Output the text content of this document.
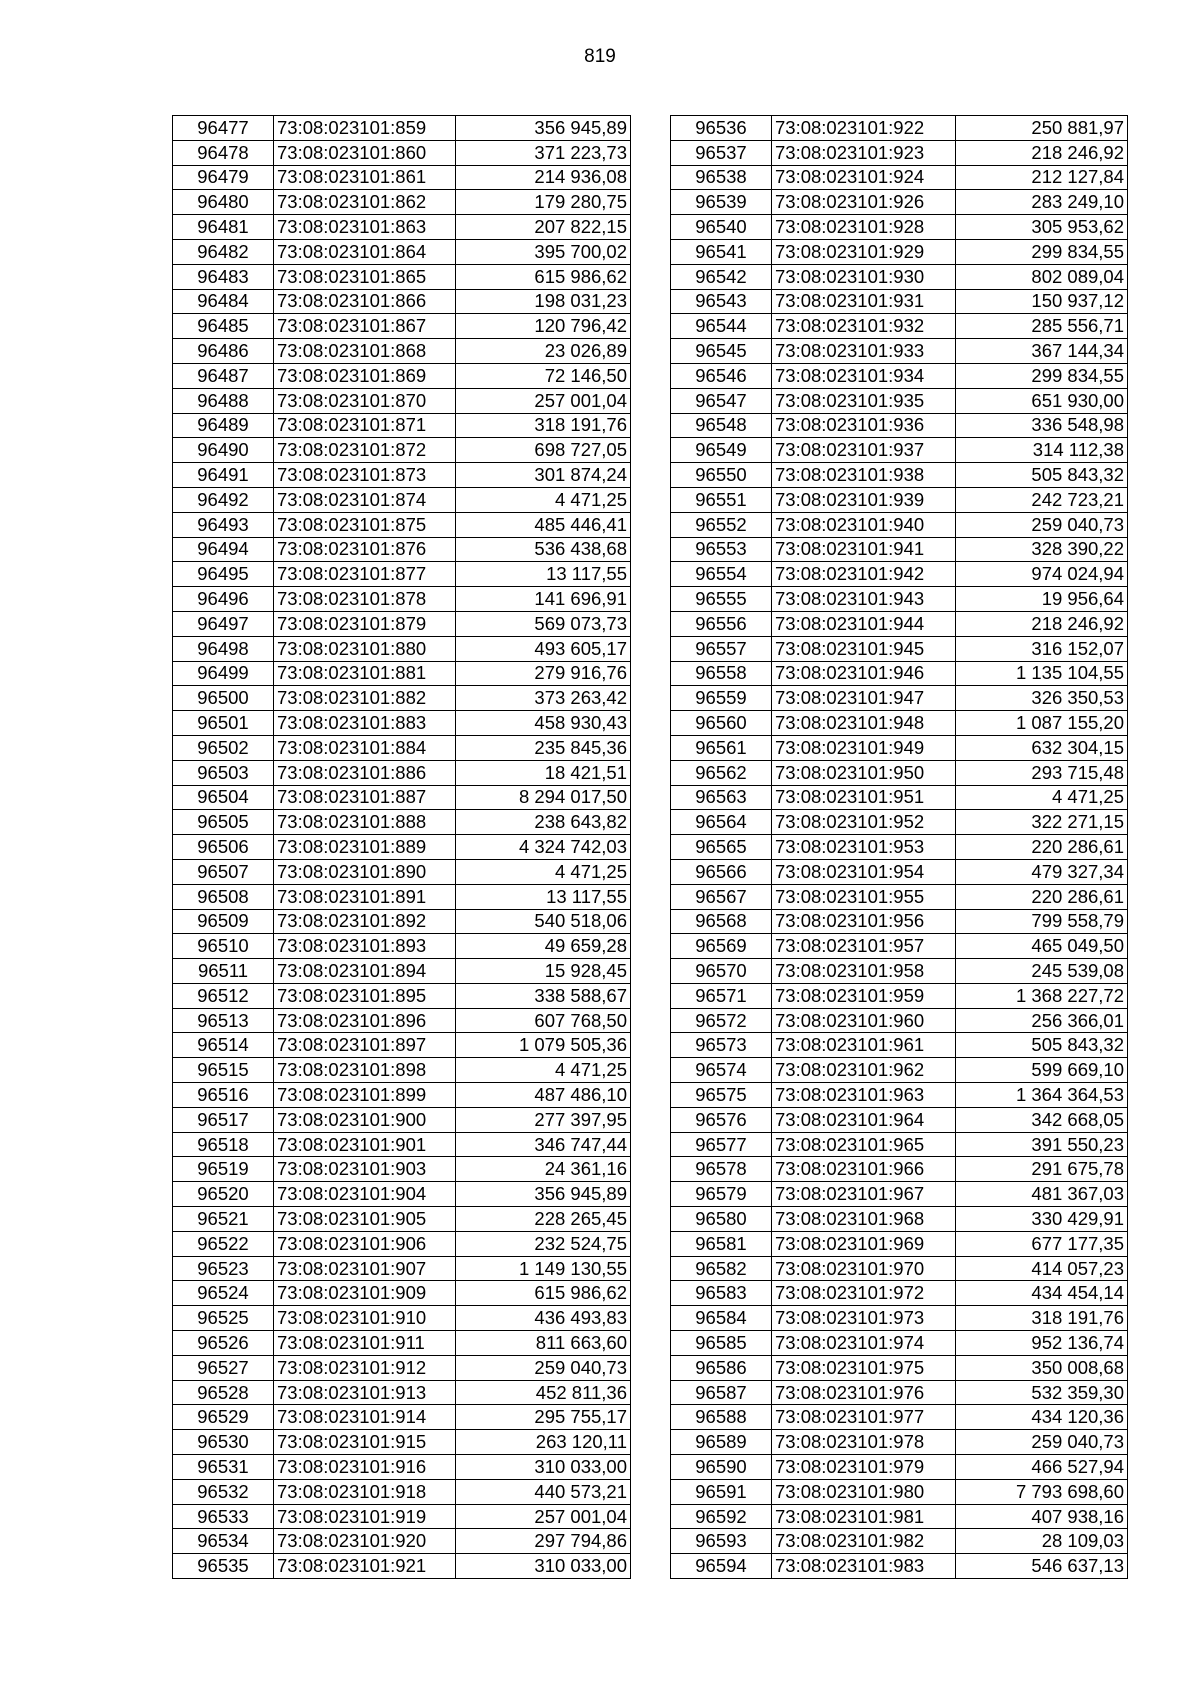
819
96477	73:08:023101:859	356 945,89
96478	73:08:023101:860	371 223,73
96479	73:08:023101:861	214 936,08
96480	73:08:023101:862	179 280,75
96481	73:08:023101:863	207 822,15
96482	73:08:023101:864	395 700,02
96483	73:08:023101:865	615 986,62
96484	73:08:023101:866	198 031,23
96485	73:08:023101:867	120 796,42
96486	73:08:023101:868	23 026,89
96487	73:08:023101:869	72 146,50
96488	73:08:023101:870	257 001,04
96489	73:08:023101:871	318 191,76
96490	73:08:023101:872	698 727,05
96491	73:08:023101:873	301 874,24
96492	73:08:023101:874	4 471,25
96493	73:08:023101:875	485 446,41
96494	73:08:023101:876	536 438,68
96495	73:08:023101:877	13 117,55
96496	73:08:023101:878	141 696,91
96497	73:08:023101:879	569 073,73
96498	73:08:023101:880	493 605,17
96499	73:08:023101:881	279 916,76
96500	73:08:023101:882	373 263,42
96501	73:08:023101:883	458 930,43
96502	73:08:023101:884	235 845,36
96503	73:08:023101:886	18 421,51
96504	73:08:023101:887	8 294 017,50
96505	73:08:023101:888	238 643,82
96506	73:08:023101:889	4 324 742,03
96507	73:08:023101:890	4 471,25
96508	73:08:023101:891	13 117,55
96509	73:08:023101:892	540 518,06
96510	73:08:023101:893	49 659,28
96511	73:08:023101:894	15 928,45
96512	73:08:023101:895	338 588,67
96513	73:08:023101:896	607 768,50
96514	73:08:023101:897	1 079 505,36
96515	73:08:023101:898	4 471,25
96516	73:08:023101:899	487 486,10
96517	73:08:023101:900	277 397,95
96518	73:08:023101:901	346 747,44
96519	73:08:023101:903	24 361,16
96520	73:08:023101:904	356 945,89
96521	73:08:023101:905	228 265,45
96522	73:08:023101:906	232 524,75
96523	73:08:023101:907	1 149 130,55
96524	73:08:023101:909	615 986,62
96525	73:08:023101:910	436 493,83
96526	73:08:023101:911	811 663,60
96527	73:08:023101:912	259 040,73
96528	73:08:023101:913	452 811,36
96529	73:08:023101:914	295 755,17
96530	73:08:023101:915	263 120,11
96531	73:08:023101:916	310 033,00
96532	73:08:023101:918	440 573,21
96533	73:08:023101:919	257 001,04
96534	73:08:023101:920	297 794,86
96535	73:08:023101:921	310 033,00
96536	73:08:023101:922	250 881,97
96537	73:08:023101:923	218 246,92
96538	73:08:023101:924	212 127,84
96539	73:08:023101:926	283 249,10
96540	73:08:023101:928	305 953,62
96541	73:08:023101:929	299 834,55
96542	73:08:023101:930	802 089,04
96543	73:08:023101:931	150 937,12
96544	73:08:023101:932	285 556,71
96545	73:08:023101:933	367 144,34
96546	73:08:023101:934	299 834,55
96547	73:08:023101:935	651 930,00
96548	73:08:023101:936	336 548,98
96549	73:08:023101:937	314 112,38
96550	73:08:023101:938	505 843,32
96551	73:08:023101:939	242 723,21
96552	73:08:023101:940	259 040,73
96553	73:08:023101:941	328 390,22
96554	73:08:023101:942	974 024,94
96555	73:08:023101:943	19 956,64
96556	73:08:023101:944	218 246,92
96557	73:08:023101:945	316 152,07
96558	73:08:023101:946	1 135 104,55
96559	73:08:023101:947	326 350,53
96560	73:08:023101:948	1 087 155,20
96561	73:08:023101:949	632 304,15
96562	73:08:023101:950	293 715,48
96563	73:08:023101:951	4 471,25
96564	73:08:023101:952	322 271,15
96565	73:08:023101:953	220 286,61
96566	73:08:023101:954	479 327,34
96567	73:08:023101:955	220 286,61
96568	73:08:023101:956	799 558,79
96569	73:08:023101:957	465 049,50
96570	73:08:023101:958	245 539,08
96571	73:08:023101:959	1 368 227,72
96572	73:08:023101:960	256 366,01
96573	73:08:023101:961	505 843,32
96574	73:08:023101:962	599 669,10
96575	73:08:023101:963	1 364 364,53
96576	73:08:023101:964	342 668,05
96577	73:08:023101:965	391 550,23
96578	73:08:023101:966	291 675,78
96579	73:08:023101:967	481 367,03
96580	73:08:023101:968	330 429,91
96581	73:08:023101:969	677 177,35
96582	73:08:023101:970	414 057,23
96583	73:08:023101:972	434 454,14
96584	73:08:023101:973	318 191,76
96585	73:08:023101:974	952 136,74
96586	73:08:023101:975	350 008,68
96587	73:08:023101:976	532 359,30
96588	73:08:023101:977	434 120,36
96589	73:08:023101:978	259 040,73
96590	73:08:023101:979	466 527,94
96591	73:08:023101:980	7 793 698,60
96592	73:08:023101:981	407 938,16
96593	73:08:023101:982	28 109,03
96594	73:08:023101:983	546 637,13
